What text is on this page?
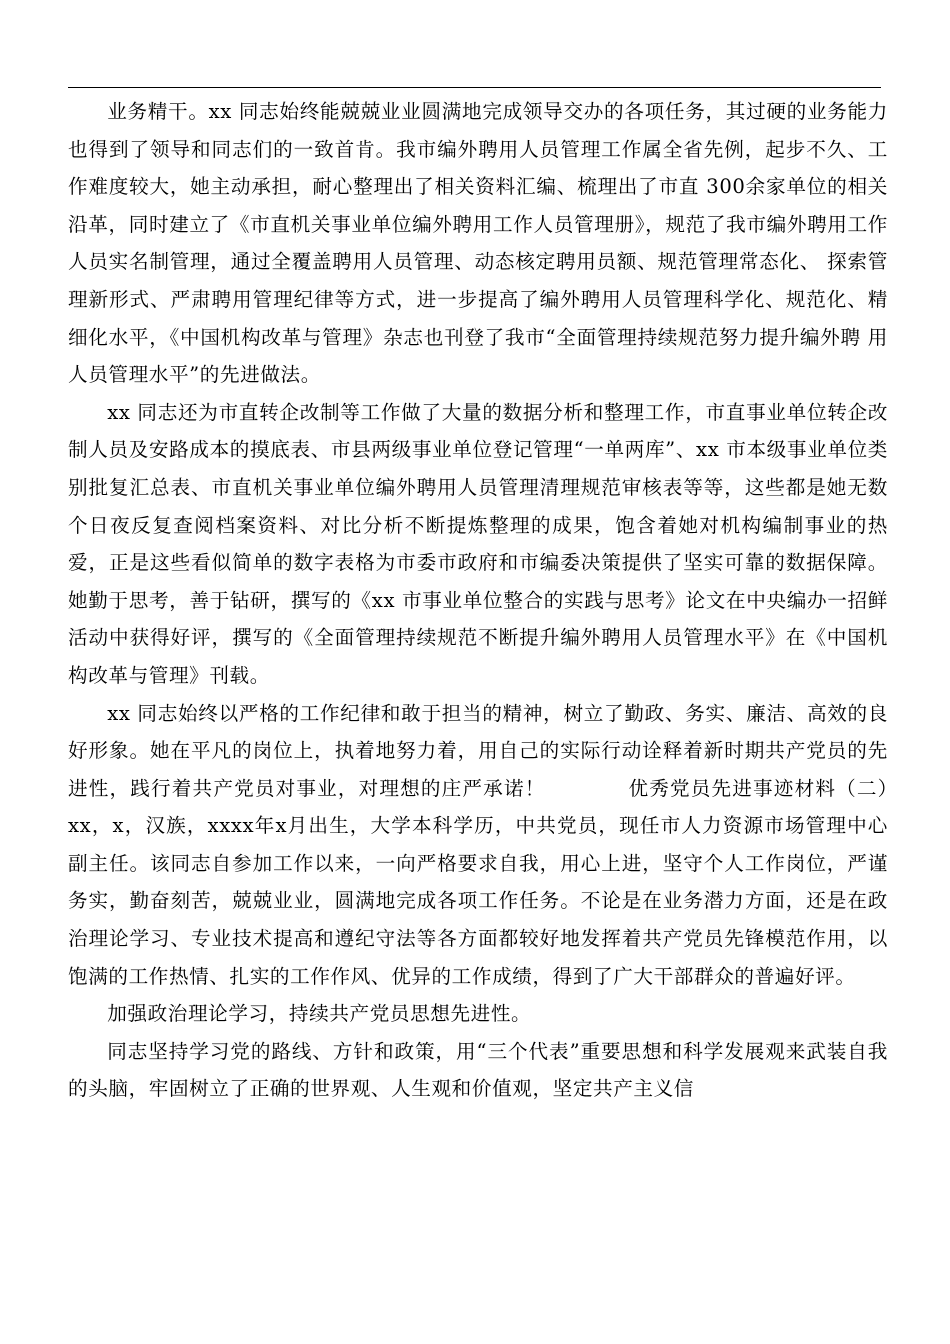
业务精干。xx 同志始终能兢兢业业圆满地完成领导交办的各项任务，其过硬的业务能力也得到了领导和同志们的一致首肯。我市编外聘用人员管理工作属全省先例，起步不久、工作难度较大，她主动承担，耐心整理出了相关资料汇编、梳理出了市直 300余家单位的相关沿革，同时建立了《市直机关事业单位编外聘用工作人员管理册》，规范了我市编外聘用工作人员实名制管理，通过全覆盖聘用人员管理、动态核定聘用员额、规范管理常态化、 探索管理新形式、严肃聘用管理纪律等方式，进一步提高了编外聘用人员管理科学化、规范化、精细化水平，《中国机构改革与管理》杂志也刊登了我市“全面管理持续规范努力提升编外聘 用人员管理水平”的先进做法。

xx 同志还为市直转企改制等工作做了大量的数据分析和整理工作，市直事业单位转企改制人员及安路成本的摸底表、市县两级事业单位登记管理“一单两库”、xx 市本级事业单位类别批复汇总表、市直机关事业单位编外聘用人员管理清理规范审核表等等，这些都是她无数个日夜反复查阅档案资料、对比分析不断提炼整理的成果，饱含着她对机构编制事业的热爱，正是这些看似简单的数字表格为市委市政府和市编委决策提供了坚实可靠的数据保障。她勤于思考，善于钻研，撰写的《xx 市事业单位整合的实践与思考》论文在中央编办一招鲜活动中获得好评，撰写的《全面管理持续规范不断提升编外聘用人员管理水平》在《中国机构改革与管理》刊载。

xx 同志始终以严格的工作纪律和敢于担当的精神，树立了勤政、务实、廉洁、高效的良好形象。她在平凡的岗位上，执着地努力着，用自己的实际行动诠释着新时期共产党员的先进性，践行着共产党员对事业，对理想的庄严承诺！　　　　优秀党员先进事迹材料（二）　　　xx，x，汉族，xxxx年x月出生，大学本科学历，中共党员，现任市人力资源市场管理中心副主任。该同志自参加工作以来，一向严格要求自我，用心上进，坚守个人工作岗位，严谨务实，勤奋刻苦，兢兢业业，圆满地完成各项工作任务。不论是在业务潜力方面，还是在政治理论学习、专业技术提高和遵纪守法等各方面都较好地发挥着共产党员先锋模范作用，以饱满的工作热情、扎实的工作作风、优异的工作成绩，得到了广大干部群众的普遍好评。

加强政治理论学习，持续共产党员思想先进性。

同志坚持学习党的路线、方针和政策，用“三个代表”重要思想和科学发展观来武装自我的头脑，牢固树立了正确的世界观、人生观和价值观，坚定共产主义信
